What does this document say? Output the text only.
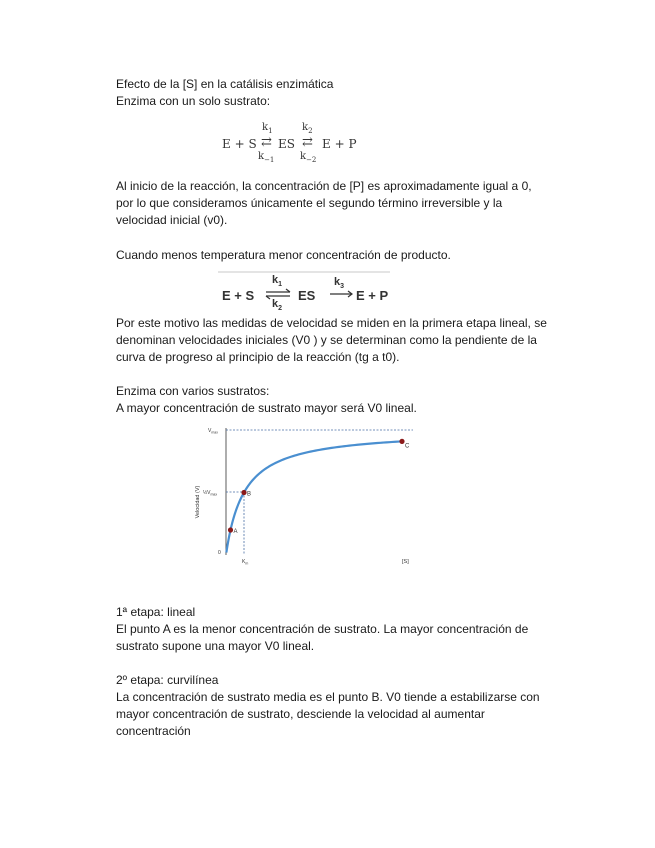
Efecto de la [S] en la catálisis enzimática
Enzima con un solo sustrato:
$k_1$	$k_2$
E + S ⇄ ES ⇄ E + P
$k_{-1}$	$k_{-2}$
Al inicio de la reacción, la concentración de [P] es aproximadamente igual a 0,
por lo que consideramos únicamente el segundo término irreversible y la
velocidad inicial (v0).
Cuando menos temperatura menor concentración de producto.
$k_1$	$k_3$
E + S	ES	E + P
$k_2$
Por este motivo las medidas de velocidad se miden en la primera etapa lineal, se
denominan velocidades iniciales (V0 ) y se determinan como la pendiente de la
curva de progreso al principio de la reacción (tg a t0).
Enzima con varios sustratos:
A mayor concentración de sustrato mayor será V0 lineal.
Velocidad (V)
$V_{max}$
$\frac{1}{2}V_{max}$
0
$K_m$	[S]
A
B
C
1ª etapa: lineal
El punto A es la menor concentración de sustrato. La mayor concentración de
sustrato supone una mayor V0 lineal.
2º etapa: curvilínea
La concentración de sustrato media es el punto B. V0 tiende a estabilizarse con
mayor concentración de sustrato, desciende la velocidad al aumentar
concentración
